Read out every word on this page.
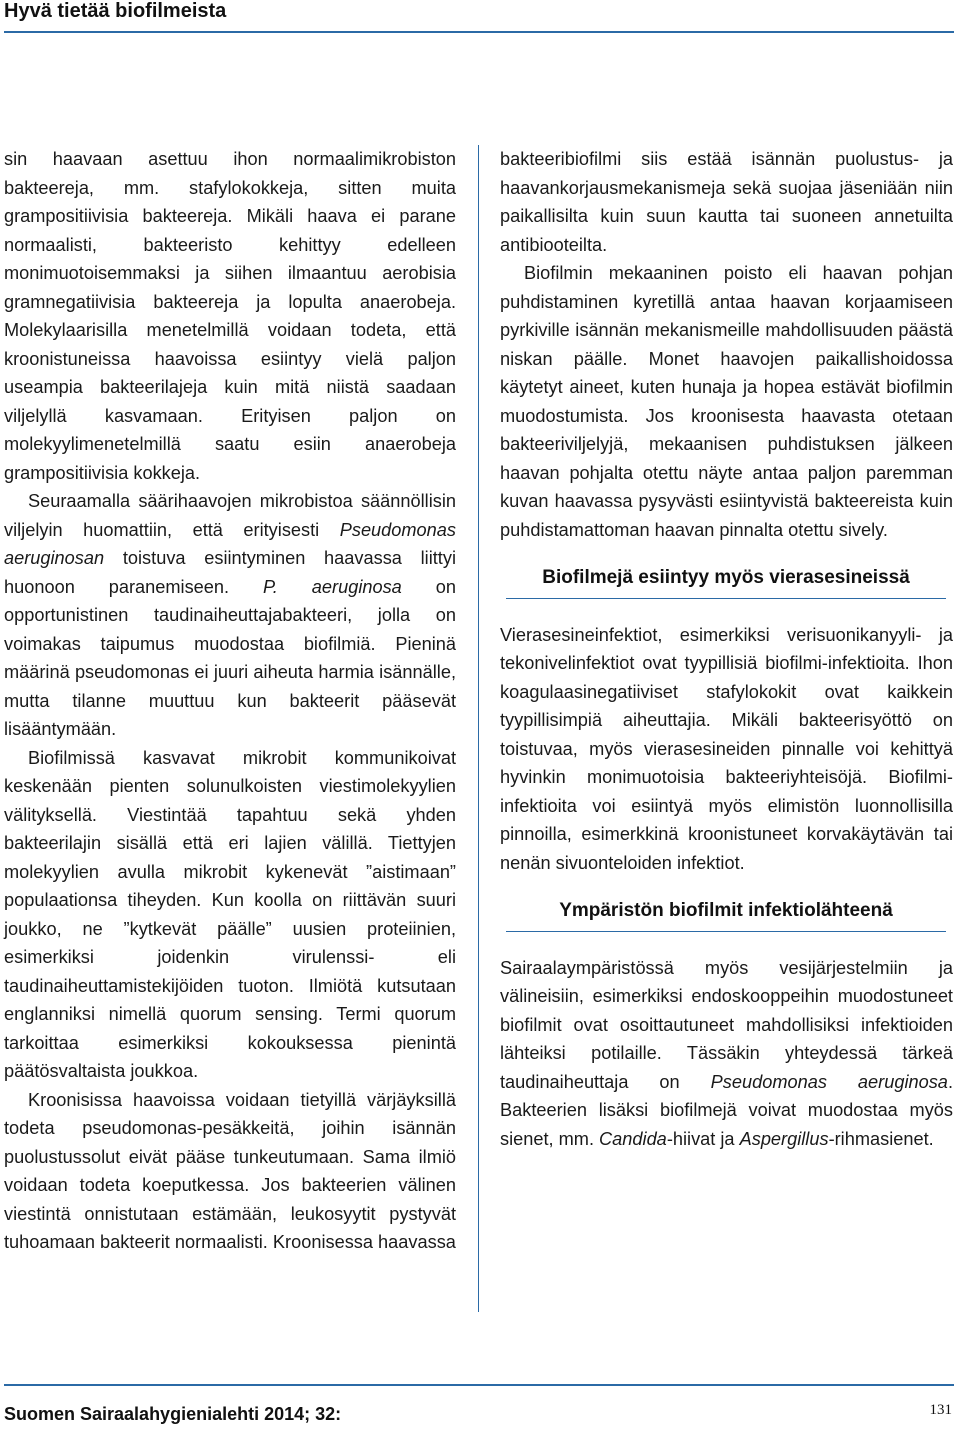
Hyvä tietää biofilmeista

sin haavaan asettuu ihon normaalimikrobiston bakteereja, mm. stafylokokkeja, sitten muita grampositiivisia bakteereja. Mikäli haava ei parane normaalisti, bakteeristo kehittyy edelleen monimuotoisemmaksi ja siihen ilmaantuu aerobisia gramnegatiivisia bakteereja ja lopulta anaerobeja. Molekylaarisilla menetelmillä voidaan todeta, että kroonistuneissa haavoissa esiintyy vielä paljon useampia bakteerilajeja kuin mitä niistä saadaan viljelyllä kasvamaan. Erityisen paljon on molekyylimenetelmillä saatu esiin anaerobeja grampositiivisia kokkeja.

Seuraamalla säärihaavojen mikrobistoa säännöllisin viljelyin huomattiin, että erityisesti Pseudomonas aeruginosan toistuva esiintyminen haavassa liittyi huonoon paranemiseen. P. aeruginosa on opportunistinen taudinaiheuttajabakteeri, jolla on voimakas taipumus muodostaa biofilmiä. Pieninä määrinä pseudomonas ei juuri aiheuta harmia isännälle, mutta tilanne muuttuu kun bakteerit pääsevät lisääntymään.

Biofilmissä kasvavat mikrobit kommunikoivat keskenään pienten solunulkoisten viestimolekyylien välityksellä. Viestintää tapahtuu sekä yhden bakteerilajin sisällä että eri lajien välillä. Tiettyjen molekyylien avulla mikrobit kykenevät ”aistimaan” populaationsa tiheyden. Kun koolla on riittävän suuri joukko, ne ”kytkevät päälle” uusien proteiinien, esimerkiksi joidenkin virulenssi- eli taudinaiheuttamistekijöiden tuoton. Ilmiötä kutsutaan englanniksi nimellä quorum sensing. Termi quorum tarkoittaa esimerkiksi kokouksessa pienintä päätösvaltaista joukkoa.

Kroonisissa haavoissa voidaan tietyillä värjäyksillä todeta pseudomonas-pesäkkeitä, joihin isännän puolustussolut eivät pääse tunkeutumaan. Sama ilmiö voidaan todeta koeputkessa. Jos bakteerien välinen viestintä onnistutaan estämään, leukosyytit pystyvät tuhoamaan bakteerit normaalisti. Kroonisessa haavassa

bakteeribiofilmi siis estää isännän puolustus- ja haavankorjausmekanismeja sekä suojaa jäseniään niin paikallisilta kuin suun kautta tai suoneen annetuilta antibiooteilta.

Biofilmin mekaaninen poisto eli haavan pohjan puhdistaminen kyretillä antaa haavan korjaamiseen pyrkiville isännän mekanismeille mahdollisuuden päästä niskan päälle. Monet haavojen paikallishoidossa käytetyt aineet, kuten hunaja ja hopea estävät biofilmin muodostumista. Jos kroonisesta haavasta otetaan bakteeriviljelyjä, mekaanisen puhdistuksen jälkeen haavan pohjalta otettu näyte antaa paljon paremman kuvan haavassa pysyvästi esiintyvistä bakteereista kuin puhdistamattoman haavan pinnalta otettu sively.

Biofilmejä esiintyy myös vierasesineissä

Vierasesineinfektiot, esimerkiksi verisuonikanyyli- ja tekonivelinfektiot ovat tyypillisiä biofilmi-infektioita. Ihon koagulaasinegatiiviset stafylokokit ovat kaikkein tyypillisimpiä aiheuttajia. Mikäli bakteerisyöttö on toistuvaa, myös vierasesineiden pinnalle voi kehittyä hyvinkin monimuotoisia bakteeriyhteisöjä. Biofilmi-infektioita voi esiintyä myös elimistön luonnollisilla pinnoilla, esimerkkinä kroonistuneet korvakäytävän tai nenän sivuonteloiden infektiot.

Ympäristön biofilmit infektiolähteenä

Sairaalaympäristössä myös vesijärjestelmiin ja välineisiin, esimerkiksi endoskooppeihin muodostuneet biofilmit ovat osoittautuneet mahdollisiksi infektioiden lähteiksi potilaille. Tässäkin yhteydessä tärkeä taudinaiheuttaja on Pseudomonas aeruginosa. Bakteerien lisäksi biofilmejä voivat muodostaa myös sienet, mm. Candida-hiivat ja Aspergillus-rihmasienet.

Suomen Sairaalahygienialehti 2014; 32:	131
